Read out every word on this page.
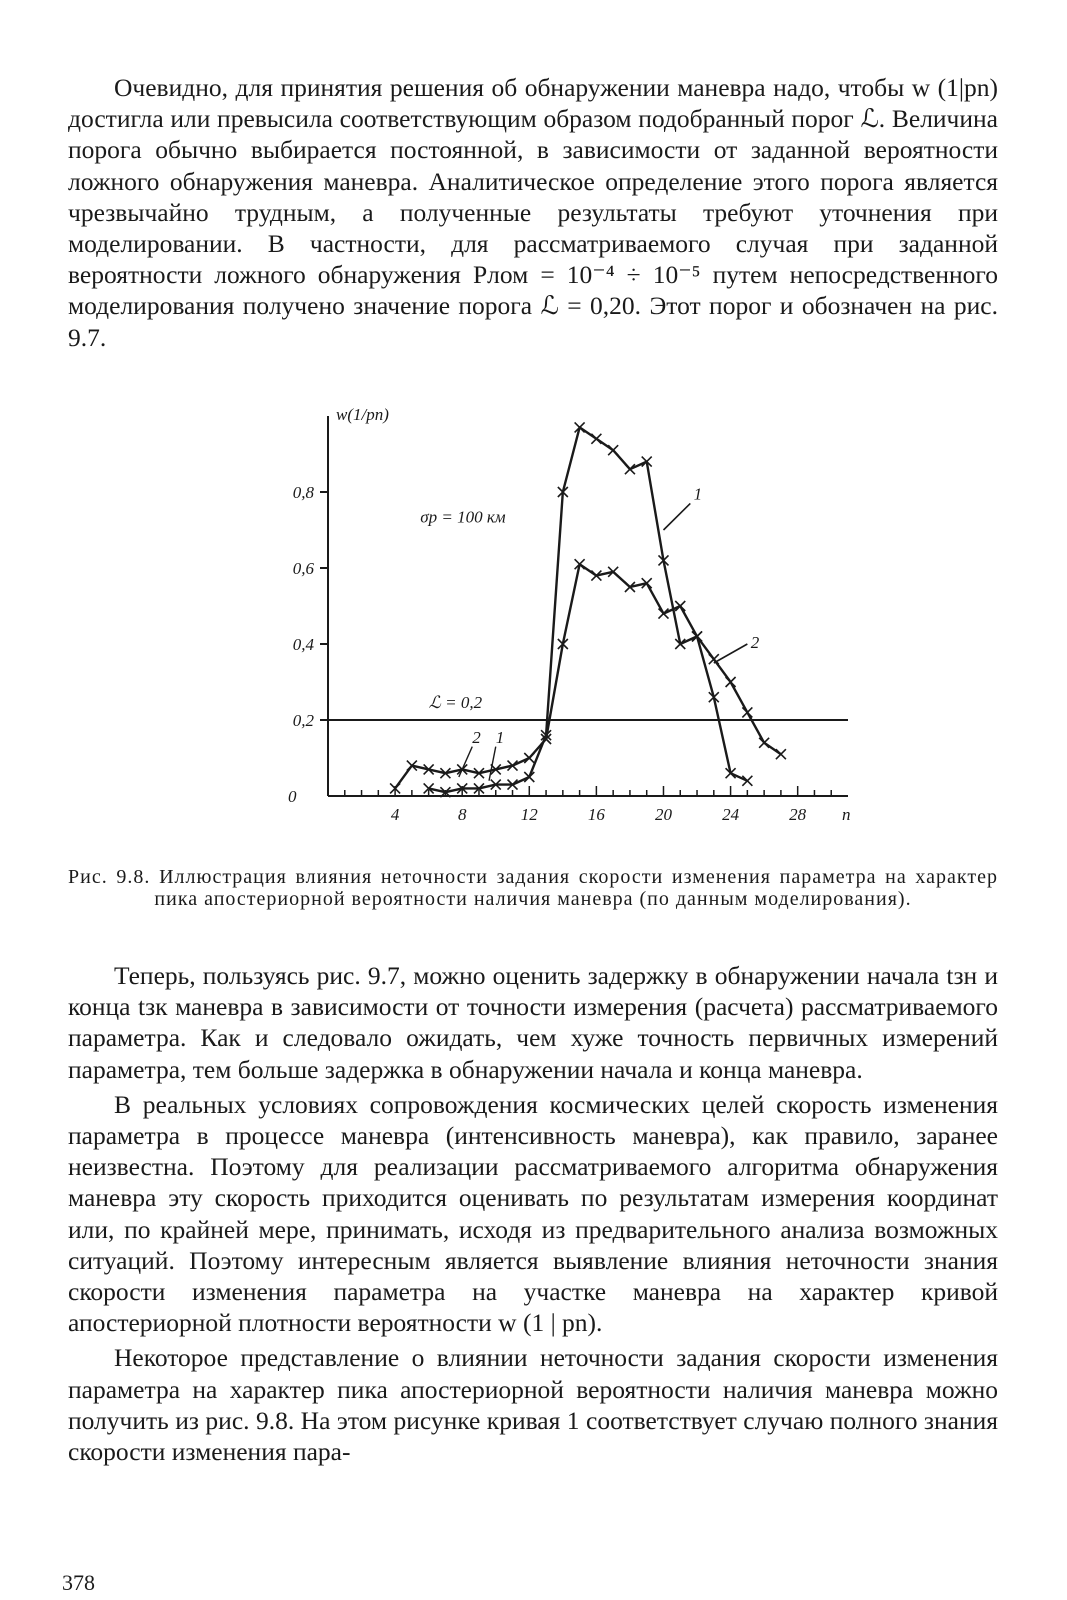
Очевидно, для принятия решения об обнаружении маневра надо, чтобы w (1|pn) достигла или превысила соответствующим образом подобранный порог ℒ. Величина порога обычно выбирается постоянной, в зависимости от заданной вероятности ложного обнаружения маневра. Аналитическое определение этого порога является чрезвычайно трудным, а полученные результаты требуют уточнения при моделировании. В частности, для рассматриваемого случая при заданной вероятности ложного обнаружения Pлом = 10⁻⁴ ÷ 10⁻⁵ путем непосредственного моделирования получено значение порога ℒ = 0,20. Этот порог и обозначен на рис. 9.7.

0,2
0,4
0,6
0,8
0
4	8	12	16	20	24	28 n
w(1/pn)
ℒ = 0,2
σр = 100 км
1
2
2 1
Рис. 9.8. Иллюстрация влияния неточности задания скорости изменения параметра на характер пика апостериорной вероятности наличия маневра (по данным моделирования).

Теперь, пользуясь рис. 9.7, можно оценить задержку в обнаружении начала tзн и конца tзк маневра в зависимости от точности измерения (расчета) рассматриваемого параметра. Как и следовало ожидать, чем хуже точность первичных измерений параметра, тем больше задержка в обнаружении начала и конца маневра.

В реальных условиях сопровождения космических целей скорость изменения параметра в процессе маневра (интенсивность маневра), как правило, заранее неизвестна. Поэтому для реализации рассматриваемого алгоритма обнаружения маневра эту скорость приходится оценивать по результатам измерения координат или, по крайней мере, принимать, исходя из предварительного анализа возможных ситуаций. Поэтому интересным является выявление влияния неточности знания скорости изменения параметра на участке маневра на характер кривой апостериорной плотности вероятности w (1 | pn).

Некоторое представление о влиянии неточности задания скорости изменения параметра на характер пика апостериорной вероятности наличия маневра можно получить из рис. 9.8. На этом рисунке кривая 1 соответствует случаю полного знания скорости изменения пара-

378
